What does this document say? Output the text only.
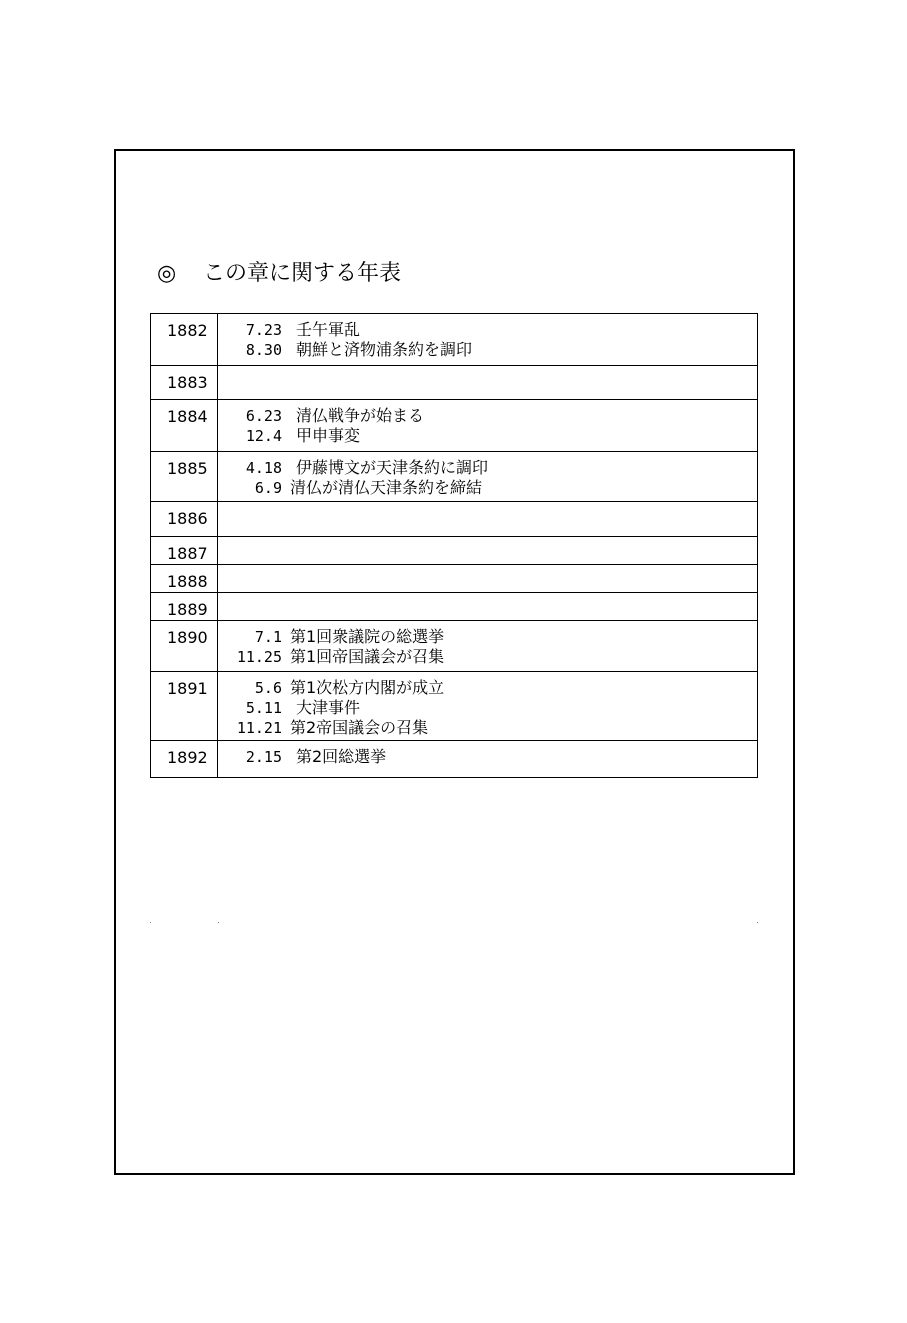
◎ この章に関する年表
1882	7.23 壬午軍乱
8.30 朝鮮と済物浦条約を調印

1883	
1884	6.23 清仏戦争が始まる
12.4 甲申事変

1885	4.18 伊藤博文が天津条約に調印
6.9 清仏が清仏天津条約を締結

1886	
1887	
1888	
1889	
1890	7.1 第1回衆議院の総選挙
11.25 第1回帝国議会が召集

1891	5.6 第1次松方内閣が成立
5.11 大津事件
11.21 第2帝国議会の召集

1892	2.15 第2回総選挙
